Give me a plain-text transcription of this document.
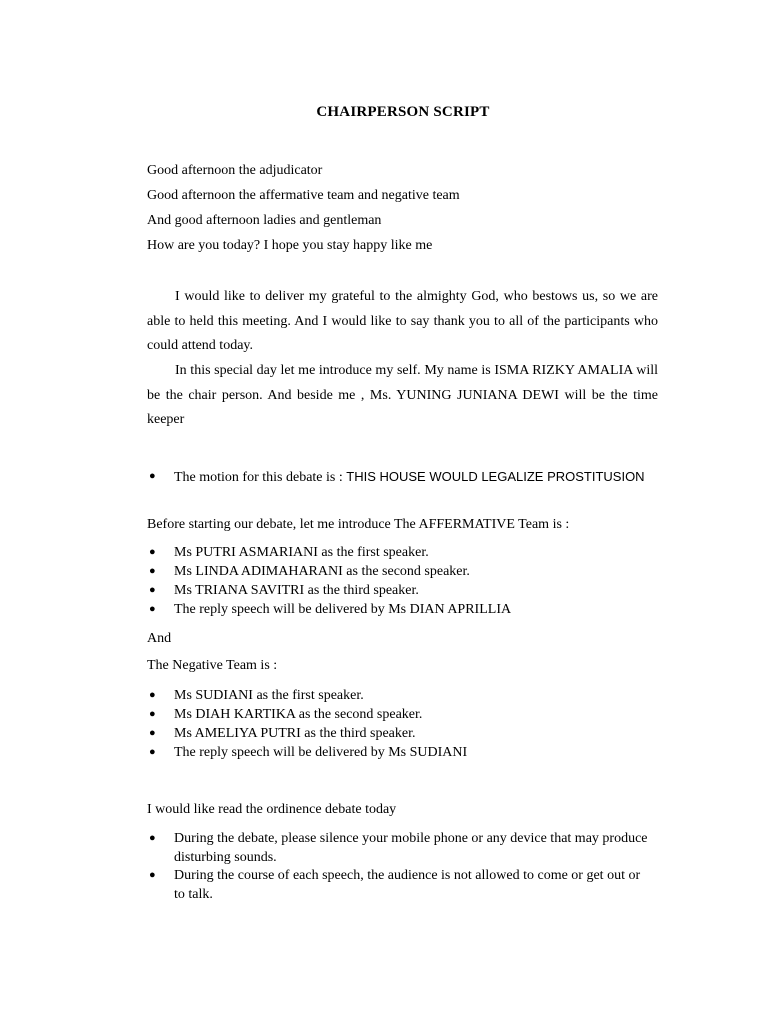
CHAIRPERSON SCRIPT
Good afternoon the adjudicator
Good afternoon the affermative team and negative team
And good afternoon ladies and gentleman
How are you today? I hope you stay happy like me
I would like to deliver my grateful to the almighty God, who bestows us, so we are able to held this meeting. And I would like to say thank you to all of the participants who could attend today.
In this special day let me introduce my self. My name is ISMA RIZKY AMALIA will be the chair person. And beside me , Ms. YUNING JUNIANA DEWI will be the time keeper
● The motion for this debate is : THIS HOUSE WOULD LEGALIZE PROSTITUSION
Before starting our debate, let me introduce The AFFERMATIVE Team is :
● Ms PUTRI ASMARIANI as the first speaker.
● Ms LINDA ADIMAHARANI as the second speaker.
● Ms TRIANA SAVITRI as the third speaker.
● The reply speech will be delivered by Ms DIAN APRILLIA
And
The Negative Team is :
● Ms SUDIANI as the first speaker.
● Ms DIAH KARTIKA as the second speaker.
● Ms AMELIYA PUTRI as the third speaker.
● The reply speech will be delivered by Ms SUDIANI
I would like read the ordinence debate today
● During the debate, please silence your mobile phone or any device that may produce disturbing sounds.
● During the course of each speech, the audience is not allowed to come or get out or to talk.
